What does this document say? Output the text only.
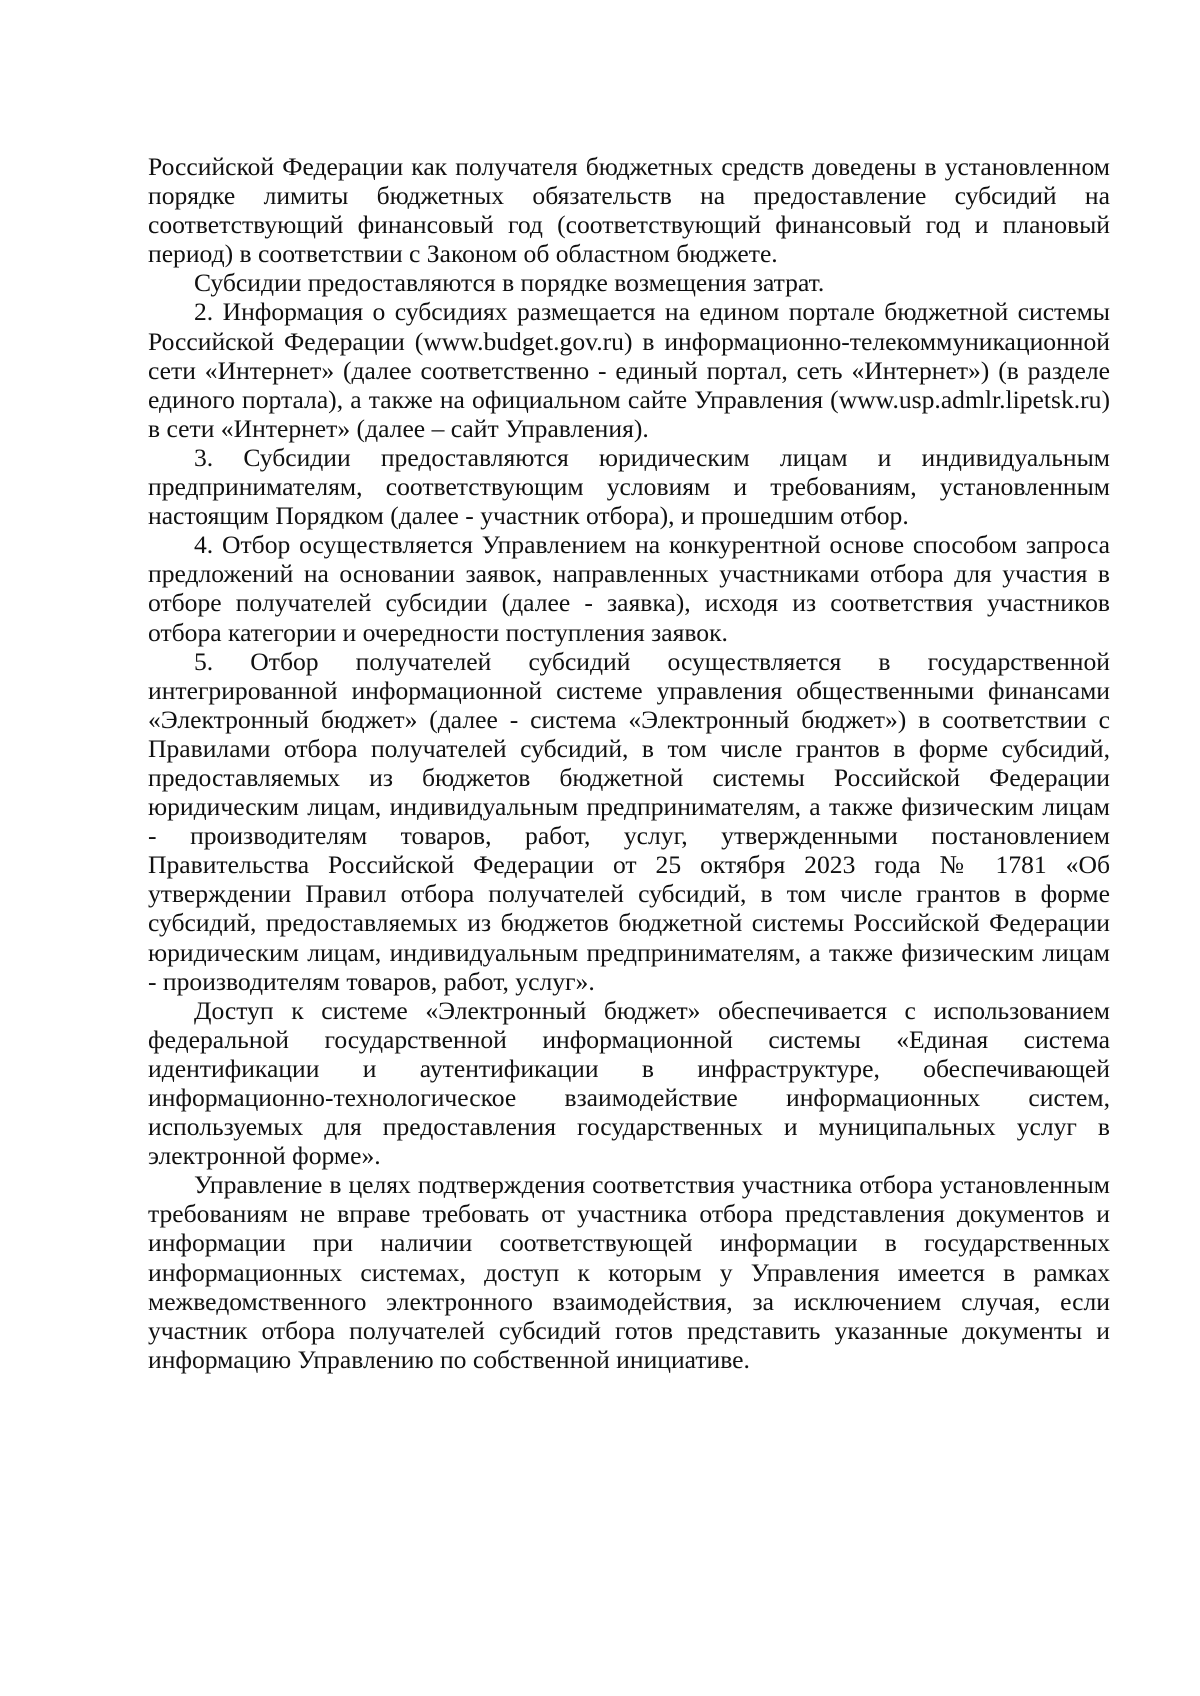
Российской Федерации как получателя бюджетных средств доведены в установленном порядке лимиты бюджетных обязательств на предоставление субсидий на соответствующий финансовый год (соответствующий финансовый год и плановый период) в соответствии с Законом об областном бюджете.

Субсидии предоставляются в порядке возмещения затрат.

2. Информация о субсидиях размещается на едином портале бюджетной системы Российской Федерации (www.budget.gov.ru) в информационно-телекоммуникационной сети «Интернет» (далее соответственно - единый портал, сеть «Интернет») (в разделе единого портала), а также на официальном сайте Управления (www.usp.admlr.lipetsk.ru) в сети «Интернет» (далее – сайт Управления).

3. Субсидии предоставляются юридическим лицам и индивидуальным предпринимателям, соответствующим условиям и требованиям, установленным настоящим Порядком (далее - участник отбора), и прошедшим отбор.

4. Отбор осуществляется Управлением на конкурентной основе способом запроса предложений на основании заявок, направленных участниками отбора для участия в отборе получателей субсидии (далее - заявка), исходя из соответствия участников отбора категории и очередности поступления заявок.

5. Отбор получателей субсидий осуществляется в государственной интегрированной информационной системе управления общественными финансами «Электронный бюджет» (далее - система «Электронный бюджет») в соответствии с Правилами отбора получателей субсидий, в том числе грантов в форме субсидий, предоставляемых из бюджетов бюджетной системы Российской Федерации юридическим лицам, индивидуальным предпринимателям, а также физическим лицам - производителям товаров, работ, услуг, утвержденными постановлением Правительства Российской Федерации от 25 октября 2023 года № 1781 «Об утверждении Правил отбора получателей субсидий, в том числе грантов в форме субсидий, предоставляемых из бюджетов бюджетной системы Российской Федерации юридическим лицам, индивидуальным предпринимателям, а также физическим лицам - производителям товаров, работ, услуг».

Доступ к системе «Электронный бюджет» обеспечивается с использованием федеральной государственной информационной системы «Единая система идентификации и аутентификации в инфраструктуре, обеспечивающей информационно-технологическое взаимодействие информационных систем, используемых для предоставления государственных и муниципальных услуг в электронной форме».

Управление в целях подтверждения соответствия участника отбора установленным требованиям не вправе требовать от участника отбора представления документов и информации при наличии соответствующей информации в государственных информационных системах, доступ к которым у Управления имеется в рамках межведомственного электронного взаимодействия, за исключением случая, если участник отбора получателей субсидий готов представить указанные документы и информацию Управлению по собственной инициативе.
